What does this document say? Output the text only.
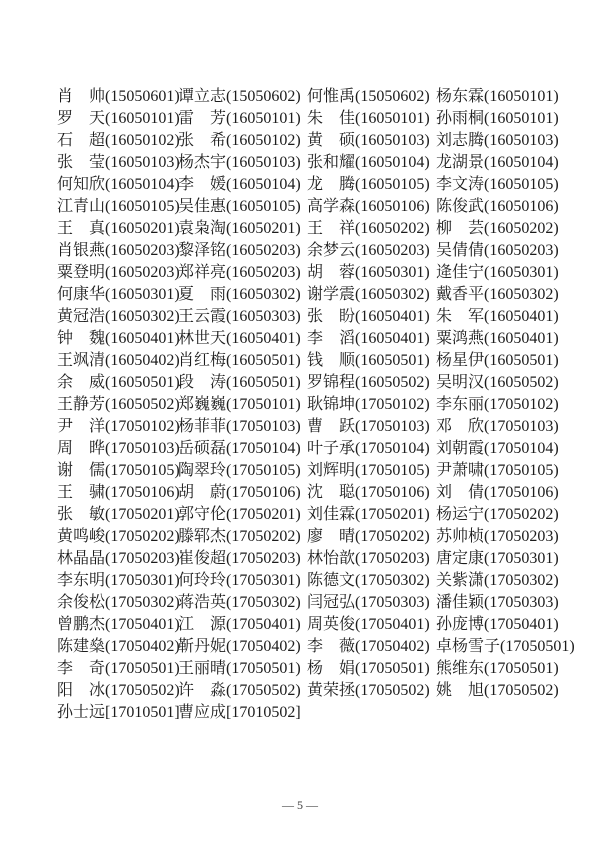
肖 帅(15050601)
谭立志(15050602) 何惟禹(15050602) 杨东霖(16050101)
罗 天(16050101)
雷 芳(16050101) 朱 佳(16050101) 孙雨桐(16050101)
石 超(16050102)
张 希(16050102) 黄 硕(16050103) 刘志腾(16050103)
张 莹(16050103)
杨杰宇(16050103) 张和耀(16050104) 龙湖景(16050104)
何知欣(16050104)
李 媛(16050104) 龙 腾(16050105) 李文涛(16050105)
江青山(16050105)
吴佳惠(16050105) 高学森(16050106) 陈俊武(16050106)
王 真(16050201)
袁枭淘(16050201) 王 祥(16050202) 柳 芸(16050202)
肖银燕(16050203)
黎泽铭(16050203) 余梦云(16050203) 吴倩倩(16050203)
粟登明(16050203)
郑祥亮(16050203) 胡 蓉(16050301) 逄佳宁(16050301)
何康华(16050301)
夏 雨(16050302) 谢学震(16050302) 戴香平(16050302)
黄冠浩(16050302)
王云霞(16050303) 张 盼(16050401) 朱 军(16050401)
钟 魏(16050401)
林世天(16050401) 李 滔(16050401) 粟鸿燕(16050401)
王飒清(16050402)
肖红梅(16050501) 钱 顺(16050501) 杨星伊(16050501)
余 威(16050501)
段 涛(16050501) 罗锦程(16050502) 吴明汉(16050502)
王静芳(16050502)
郑巍巍(17050101) 耿锦坤(17050102) 李东丽(17050102)
尹 洋(17050102)
杨菲菲(17050103) 曹 跃(17050103) 邓 欣(17050103)
周 晔(17050103)
岳硕磊(17050104) 叶子承(17050104) 刘朝霞(17050104)
谢 儒(17050105)
陶翠玲(17050105) 刘辉明(17050105) 尹萧啸(17050105)
王 骕(17050106)
胡 蔚(17050106) 沈 聪(17050106) 刘 倩(17050106)
张 敏(17050201)
郭守伦(17050201) 刘佳霖(17050201) 杨运宁(17050202)
黄鸣峻(17050202)
滕郓杰(17050202) 廖 晴(17050202) 苏帅桢(17050203)
林晶晶(17050203)
崔俊超(17050203) 林怡歆(17050203) 唐定康(17050301)
李东明(17050301)
何玲玲(17050301) 陈德文(17050302) 关紫潇(17050302)
余俊松(17050302)
蒋浩英(17050302) 闫冠弘(17050303) 潘佳颖(17050303)
曾鹏杰(17050401)
江 源(17050401) 周英俊(17050401) 孙庞博(17050401)
陈建燊(17050402)
靳丹妮(17050402) 李 薇(17050402) 卓杨雪子(17050501)
李 奇(17050501)
王丽晴(17050501) 杨 娟(17050501) 熊维东(17050501)
阳 冰(17050502)
许 淼(17050502) 黄荣拯(17050502) 姚 旭(17050502)
孙士远[17010501]
曹应成[17010502]
— 5 —
